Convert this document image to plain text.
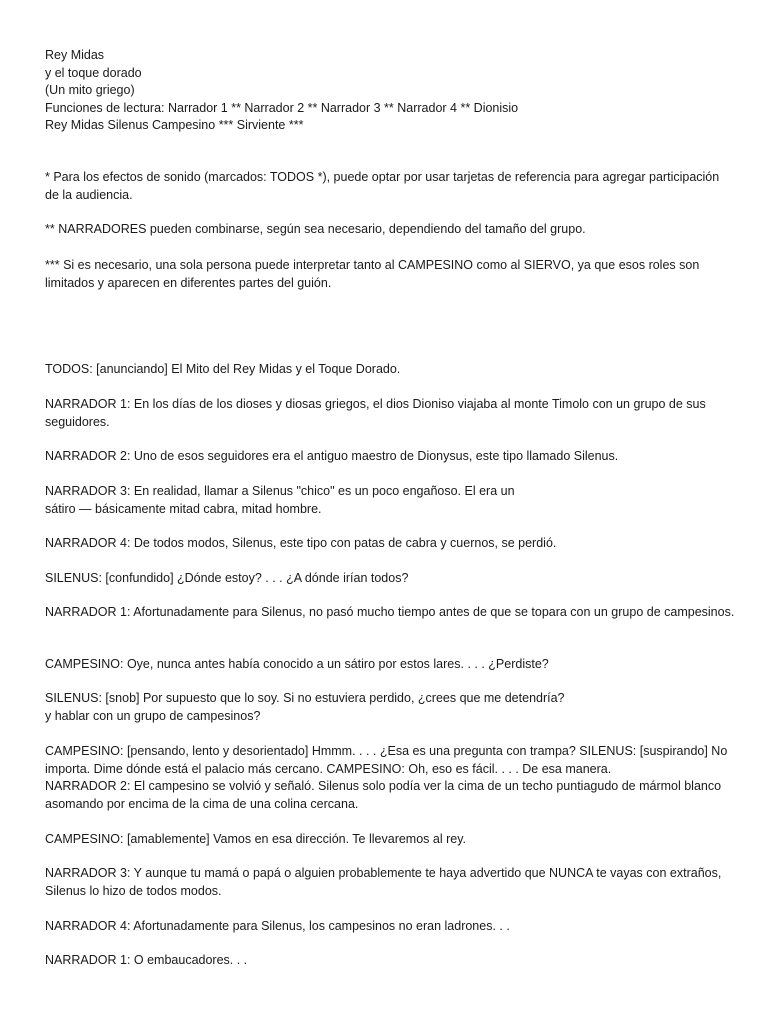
Rey Midas
y el toque dorado
(Un mito griego)
Funciones de lectura: Narrador 1 ** Narrador 2 ** Narrador 3 ** Narrador 4 ** Dionisio
Rey Midas Silenus Campesino *** Sirviente ***

* Para los efectos de sonido (marcados: TODOS *), puede optar por usar tarjetas de referencia para agregar participación de la audiencia.

** NARRADORES pueden combinarse, según sea necesario, dependiendo del tamaño del grupo.

*** Si es necesario, una sola persona puede interpretar tanto al CAMPESINO como al SIERVO, ya que esos roles son limitados y aparecen en diferentes partes del guión.

TODOS: [anunciando] El Mito del Rey Midas y el Toque Dorado.

NARRADOR 1: En los días de los dioses y diosas griegos, el dios Dioniso viajaba al monte Timolo con un grupo de sus seguidores.

NARRADOR 2: Uno de esos seguidores era el antiguo maestro de Dionysus, este tipo llamado Silenus.

NARRADOR 3: En realidad, llamar a Silenus "chico" es un poco engañoso. El era un
sátiro — básicamente mitad cabra, mitad hombre.

NARRADOR 4: De todos modos, Silenus, este tipo con patas de cabra y cuernos, se perdió.

SILENUS: [confundido] ¿Dónde estoy? . . . ¿A dónde irían todos?

NARRADOR 1: Afortunadamente para Silenus, no pasó mucho tiempo antes de que se topara con un grupo de campesinos.

CAMPESINO: Oye, nunca antes había conocido a un sátiro por estos lares. . . . ¿Perdiste?

SILENUS: [snob] Por supuesto que lo soy. Si no estuviera perdido, ¿crees que me detendría?
y hablar con un grupo de campesinos?

CAMPESINO: [pensando, lento y desorientado] Hmmm. . . . ¿Esa es una pregunta con trampa? SILENUS: [suspirando] No importa. Dime dónde está el palacio más cercano. CAMPESINO: Oh, eso es fácil. . . . De esa manera.
NARRADOR 2: El campesino se volvió y señaló. Silenus solo podía ver la cima de un techo puntiagudo de mármol blanco asomando por encima de la cima de una colina cercana.

CAMPESINO: [amablemente] Vamos en esa dirección. Te llevaremos al rey.

NARRADOR 3: Y aunque tu mamá o papá o alguien probablemente te haya advertido que NUNCA te vayas con extraños, Silenus lo hizo de todos modos.

NARRADOR 4: Afortunadamente para Silenus, los campesinos no eran ladrones. . .

NARRADOR 1: O embaucadores. . .
